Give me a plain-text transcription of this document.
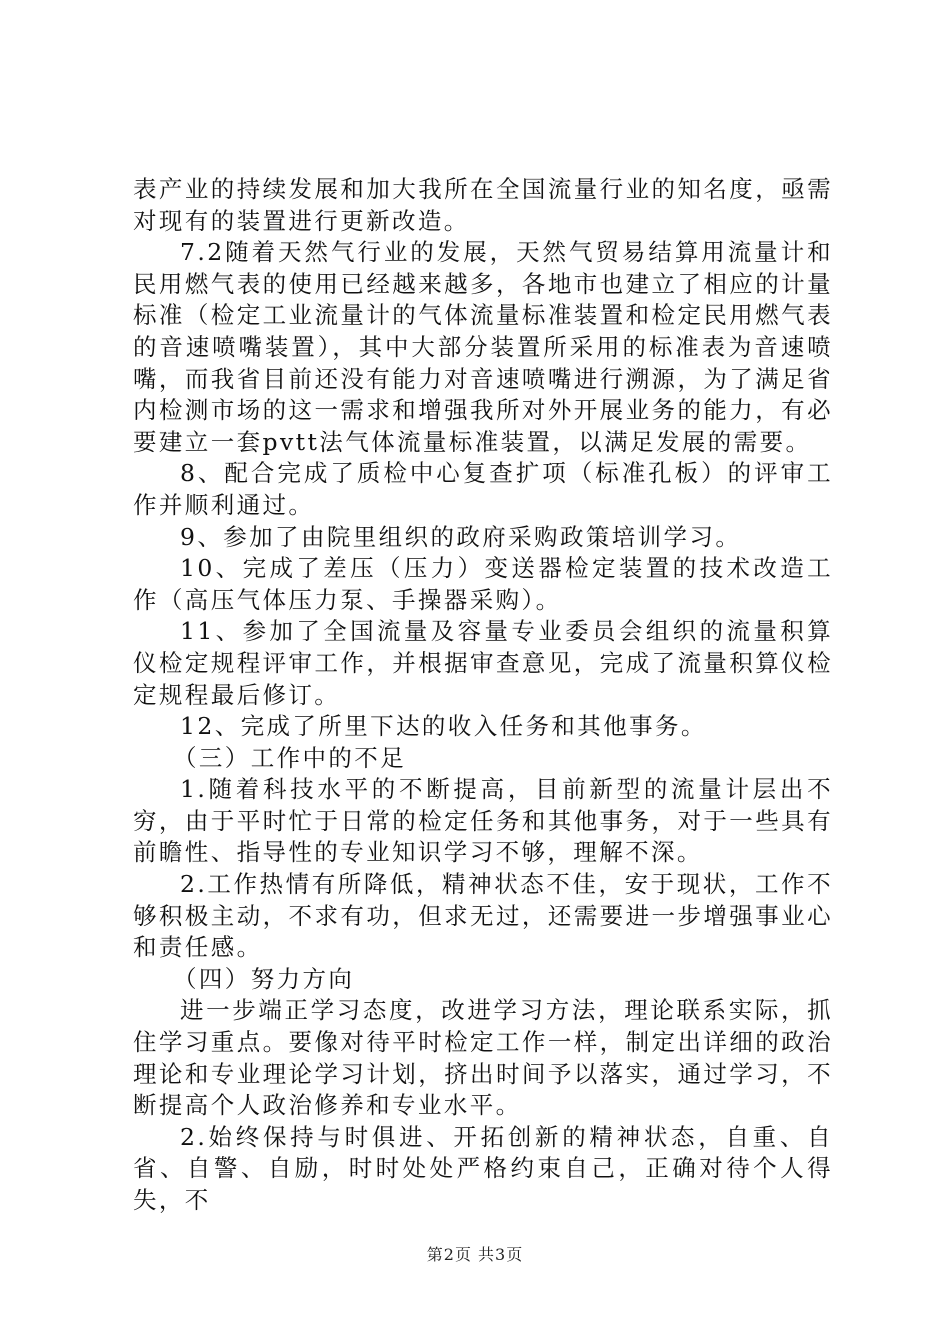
表产业的持续发展和加大我所在全国流量行业的知名度，亟需对现有的装置进行更新改造。

7.2随着天然气行业的发展，天然气贸易结算用流量计和民用燃气表的使用已经越来越多，各地市也建立了相应的计量标准（检定工业流量计的气体流量标准装置和检定民用燃气表的音速喷嘴装置），其中大部分装置所采用的标准表为音速喷嘴，而我省目前还没有能力对音速喷嘴进行溯源，为了满足省内检测市场的这一需求和增强我所对外开展业务的能力，有必要建立一套pvtt法气体流量标准装置，以满足发展的需要。

8、配合完成了质检中心复查扩项（标准孔板）的评审工作并顺利通过。

9、参加了由院里组织的政府采购政策培训学习。

10、完成了差压（压力）变送器检定装置的技术改造工作（高压气体压力泵、手操器采购）。

11、参加了全国流量及容量专业委员会组织的流量积算仪检定规程评审工作，并根据审查意见，完成了流量积算仪检定规程最后修订。

12、完成了所里下达的收入任务和其他事务。

（三）工作中的不足

1.随着科技水平的不断提高，目前新型的流量计层出不穷，由于平时忙于日常的检定任务和其他事务，对于一些具有前瞻性、指导性的专业知识学习不够，理解不深。

2.工作热情有所降低，精神状态不佳，安于现状，工作不够积极主动，不求有功，但求无过，还需要进一步增强事业心和责任感。

（四）努力方向

进一步端正学习态度，改进学习方法，理论联系实际，抓住学习重点。要像对待平时检定工作一样，制定出详细的政治理论和专业理论学习计划，挤出时间予以落实，通过学习，不断提高个人政治修养和专业水平。

2.始终保持与时俱进、开拓创新的精神状态，自重、自省、自警、自励，时时处处严格约束自己，正确对待个人得失，不

第2页 共3页
